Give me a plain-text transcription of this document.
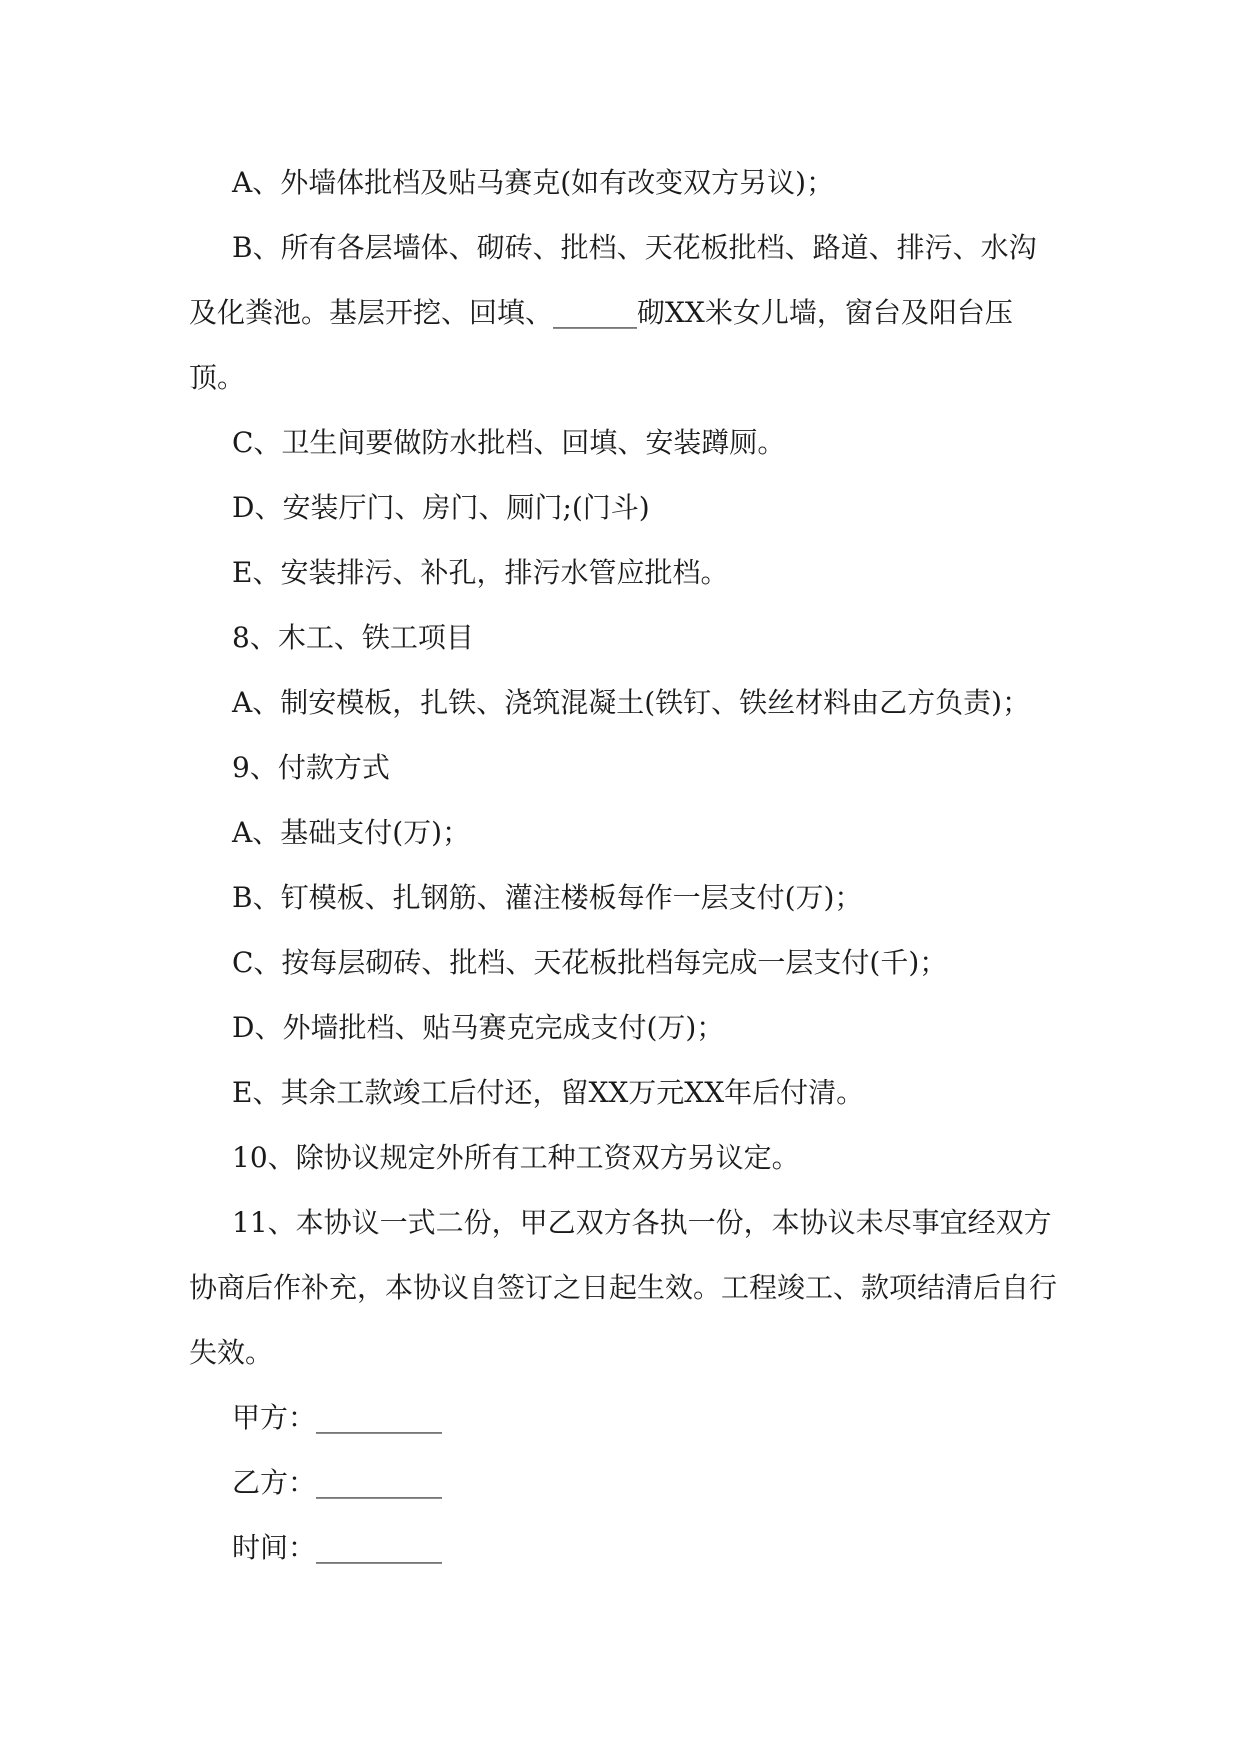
A、外墙体批档及贴马赛克(如有改变双方另议)；

B、所有各层墙体、砌砖、批档、天花板批档、路道、排污、水沟及化粪池。基层开挖、回填、______砌XX米女儿墙，窗台及阳台压顶。

C、卫生间要做防水批档、回填、安装蹲厕。

D、安装厅门、房门、厕门;(门斗)

E、安装排污、补孔，排污水管应批档。

8、木工、铁工项目

A、制安模板，扎铁、浇筑混凝土(铁钉、铁丝材料由乙方负责)；

9、付款方式

A、基础支付(万)；

B、钉模板、扎钢筋、灌注楼板每作一层支付(万)；

C、按每层砌砖、批档、天花板批档每完成一层支付(千)；

D、外墙批档、贴马赛克完成支付(万)；

E、其余工款竣工后付还，留XX万元XX年后付清。

10、除协议规定外所有工种工资双方另议定。

11、本协议一式二份，甲乙双方各执一份，本协议未尽事宜经双方协商后作补充，本协议自签订之日起生效。工程竣工、款项结清后自行失效。

甲方：_________

乙方：_________

时间：_________
